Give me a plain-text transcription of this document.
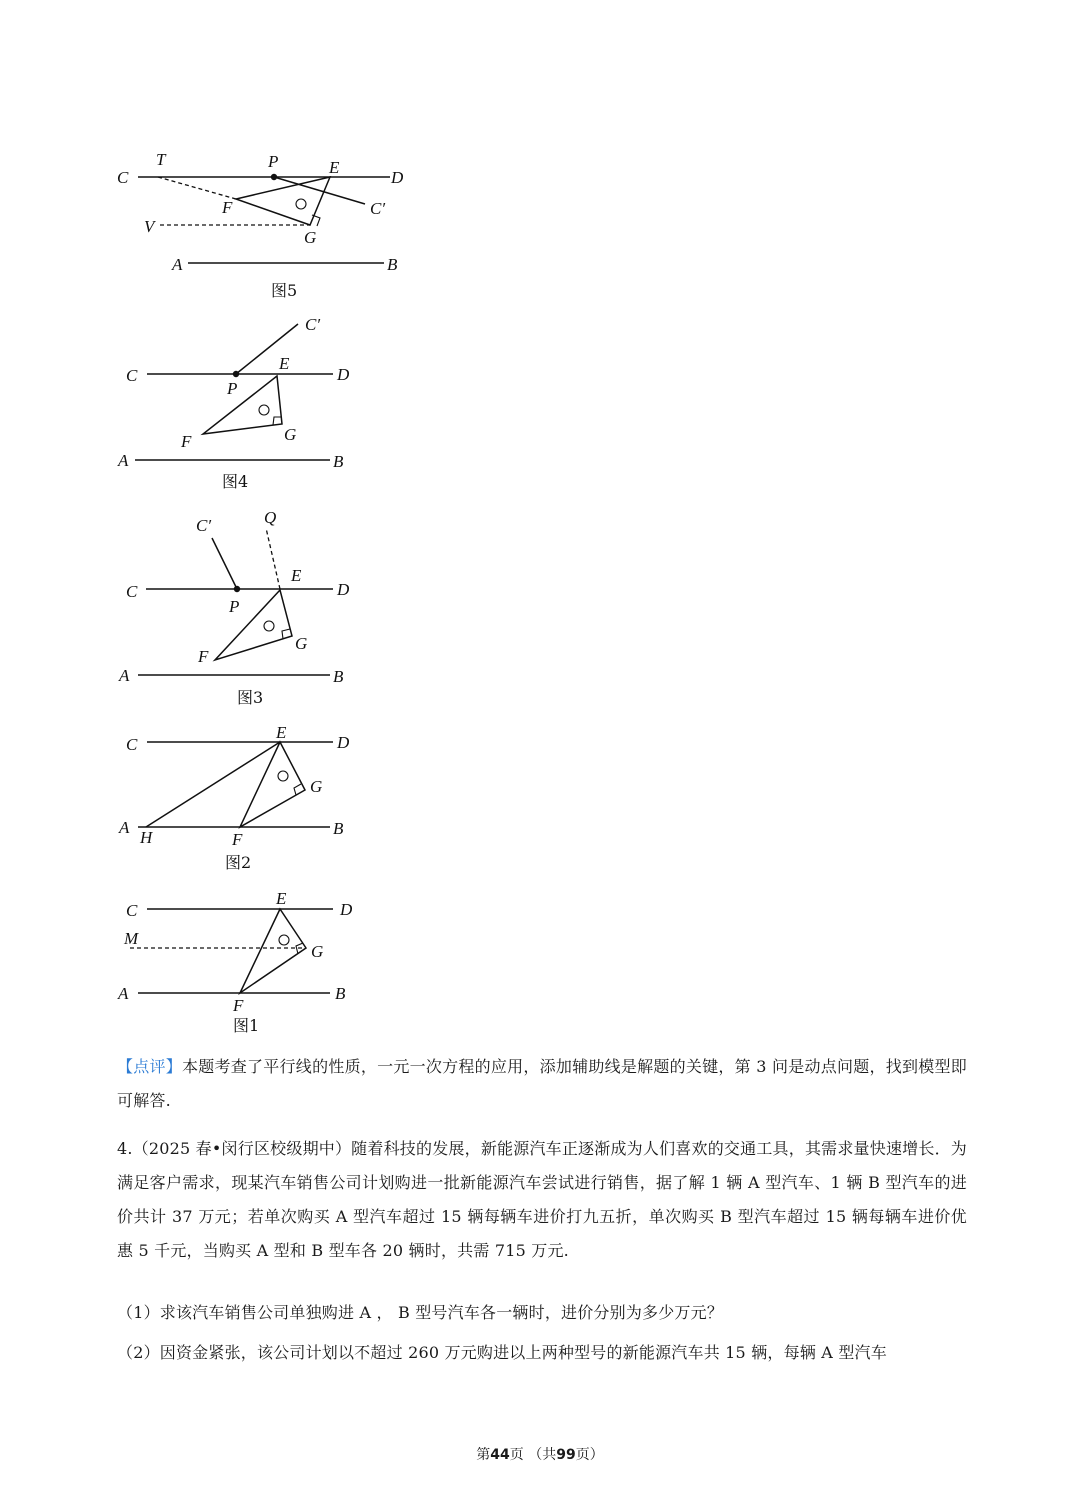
T
C
P	E
D
F	C′
V
G
A	B
图5
C′
C
E
D
P
F	G
A	B
图4
C′	Q
C
E
D
P
F
G
A	B
图3
C
E
D
G
A
H	F
B
图2
C
E
D
M
G
A
F
B
图1
【点评】本题考查了平行线的性质，一元一次方程的应用，添加辅助线是解题的关键，第 3 问是动点问题，找到模型即可解答.
4.（2025 春•闵行区校级期中）随着科技的发展，新能源汽车正逐渐成为人们喜欢的交通工具，其需求量快速增长．为满足客户需求，现某汽车销售公司计划购进一批新能源汽车尝试进行销售，据了解 1 辆 A 型汽车、1 辆 B 型汽车的进价共计 37 万元；若单次购买 A 型汽车超过 15 辆每辆车进价打九五折，单次购买 B 型汽车超过 15 辆每辆车进价优惠 5 千元，当购买 A 型和 B 型车各 20 辆时，共需 715 万元.
（1）求该汽车销售公司单独购进 A ， B 型号汽车各一辆时，进价分别为多少万元？
（2）因资金紧张，该公司计划以不超过 260 万元购进以上两种型号的新能源汽车共 15 辆，每辆 A 型汽车
第44页 （共99页）
